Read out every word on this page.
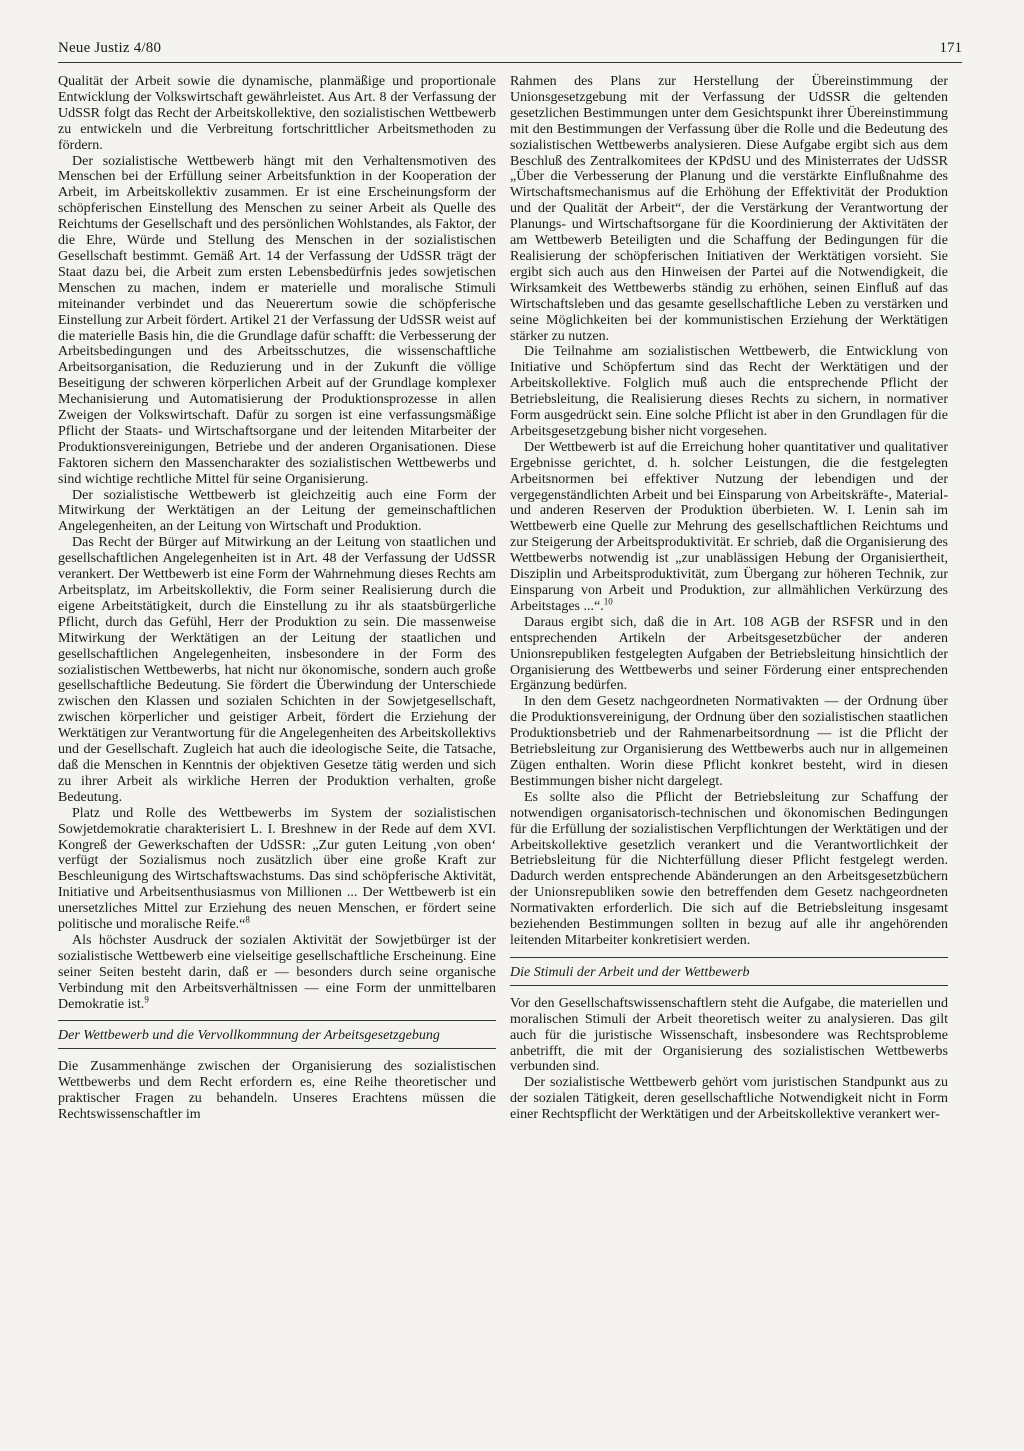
Neue Justiz 4/80	171

Qualität der Arbeit sowie die dynamische, planmäßige und proportionale Entwicklung der Volkswirtschaft gewährleistet. Aus Art. 8 der Verfassung der UdSSR folgt das Recht der Arbeitskollektive, den sozialistischen Wettbewerb zu entwickeln und die Verbreitung fortschrittlicher Arbeitsmethoden zu fördern.

Der sozialistische Wettbewerb hängt mit den Verhaltensmotiven des Menschen bei der Erfüllung seiner Arbeitsfunktion in der Kooperation der Arbeit, im Arbeitskollektiv zusammen. Er ist eine Erscheinungsform der schöpferischen Einstellung des Menschen zu seiner Arbeit als Quelle des Reichtums der Gesellschaft und des persönlichen Wohlstandes, als Faktor, der die Ehre, Würde und Stellung des Menschen in der sozialistischen Gesellschaft bestimmt. Gemäß Art. 14 der Verfassung der UdSSR trägt der Staat dazu bei, die Arbeit zum ersten Lebensbedürfnis jedes sowjetischen Menschen zu machen, indem er materielle und moralische Stimuli miteinander verbindet und das Neuerertum sowie die schöpferische Einstellung zur Arbeit fördert. Artikel 21 der Verfassung der UdSSR weist auf die materielle Basis hin, die die Grundlage dafür schafft: die Verbesserung der Arbeitsbedingungen und des Arbeitsschutzes, die wissenschaftliche Arbeitsorganisation, die Reduzierung und in der Zukunft die völlige Beseitigung der schweren körperlichen Arbeit auf der Grundlage komplexer Mechanisierung und Automatisierung der Produktionsprozesse in allen Zweigen der Volkswirtschaft. Dafür zu sorgen ist eine verfassungsmäßige Pflicht der Staats- und Wirtschaftsorgane und der leitenden Mitarbeiter der Produktionsvereinigungen, Betriebe und der anderen Organisationen. Diese Faktoren sichern den Massencharakter des sozialistischen Wettbewerbs und sind wichtige rechtliche Mittel für seine Organisierung.

Der sozialistische Wettbewerb ist gleichzeitig auch eine Form der Mitwirkung der Werktätigen an der Leitung der gemeinschaftlichen Angelegenheiten, an der Leitung von Wirtschaft und Produktion.

Das Recht der Bürger auf Mitwirkung an der Leitung von staatlichen und gesellschaftlichen Angelegenheiten ist in Art. 48 der Verfassung der UdSSR verankert. Der Wettbewerb ist eine Form der Wahrnehmung dieses Rechts am Arbeitsplatz, im Arbeitskollektiv, die Form seiner Realisierung durch die eigene Arbeitstätigkeit, durch die Einstellung zu ihr als staatsbürgerliche Pflicht, durch das Gefühl, Herr der Produktion zu sein. Die massenweise Mitwirkung der Werktätigen an der Leitung der staatlichen und gesellschaftlichen Angelegenheiten, insbesondere in der Form des sozialistischen Wettbewerbs, hat nicht nur ökonomische, sondern auch große gesellschaftliche Bedeutung. Sie fördert die Überwindung der Unterschiede zwischen den Klassen und sozialen Schichten in der Sowjetgesellschaft, zwischen körperlicher und geistiger Arbeit, fördert die Erziehung der Werktätigen zur Verantwortung für die Angelegenheiten des Arbeitskollektivs und der Gesellschaft. Zugleich hat auch die ideologische Seite, die Tatsache, daß die Menschen in Kenntnis der objektiven Gesetze tätig werden und sich zu ihrer Arbeit als wirkliche Herren der Produktion verhalten, große Bedeutung.

Platz und Rolle des Wettbewerbs im System der sozialistischen Sowjetdemokratie charakterisiert L. I. Breshnew in der Rede auf dem XVI. Kongreß der Gewerkschaften der UdSSR: „Zur guten Leitung ,von oben‘ verfügt der Sozialismus noch zusätzlich über eine große Kraft zur Beschleunigung des Wirtschaftswachstums. Das sind schöpferische Aktivität, Initiative und Arbeitsenthusiasmus von Millionen ... Der Wettbewerb ist ein unersetzliches Mittel zur Erziehung des neuen Menschen, er fördert seine politische und moralische Reife.“$^8$

Als höchster Ausdruck der sozialen Aktivität der Sowjetbürger ist der sozialistische Wettbewerb eine vielseitige gesellschaftliche Erscheinung. Eine seiner Seiten besteht darin, daß er — besonders durch seine organische Verbindung mit den Arbeitsverhältnissen — eine Form der unmittelbaren Demokratie ist.$^9$

Der Wettbewerb und die Vervollkommnung der Arbeitsgesetzgebung

Die Zusammenhänge zwischen der Organisierung des sozialistischen Wettbewerbs und dem Recht erfordern es, eine Reihe theoretischer und praktischer Fragen zu behandeln. Unseres Erachtens müssen die Rechtswissenschaftler im

Rahmen des Plans zur Herstellung der Übereinstimmung der Unionsgesetzgebung mit der Verfassung der UdSSR die geltenden gesetzlichen Bestimmungen unter dem Gesichtspunkt ihrer Übereinstimmung mit den Bestimmungen der Verfassung über die Rolle und die Bedeutung des sozialistischen Wettbewerbs analysieren. Diese Aufgabe ergibt sich aus dem Beschluß des Zentralkomitees der KPdSU und des Ministerrates der UdSSR „Über die Verbesserung der Planung und die verstärkte Einflußnahme des Wirtschaftsmechanismus auf die Erhöhung der Effektivität der Produktion und der Qualität der Arbeit“, der die Verstärkung der Verantwortung der Planungs- und Wirtschaftsorgane für die Koordinierung der Aktivitäten der am Wettbewerb Beteiligten und die Schaffung der Bedingungen für die Realisierung der schöpferischen Initiativen der Werktätigen vorsieht. Sie ergibt sich auch aus den Hinweisen der Partei auf die Notwendigkeit, die Wirksamkeit des Wettbewerbs ständig zu erhöhen, seinen Einfluß auf das Wirtschaftsleben und das gesamte gesellschaftliche Leben zu verstärken und seine Möglichkeiten bei der kommunistischen Erziehung der Werktätigen stärker zu nutzen.

Die Teilnahme am sozialistischen Wettbewerb, die Entwicklung von Initiative und Schöpfertum sind das Recht der Werktätigen und der Arbeitskollektive. Folglich muß auch die entsprechende Pflicht der Betriebsleitung, die Realisierung dieses Rechts zu sichern, in normativer Form ausgedrückt sein. Eine solche Pflicht ist aber in den Grundlagen für die Arbeitsgesetzgebung bisher nicht vorgesehen.

Der Wettbewerb ist auf die Erreichung hoher quantitativer und qualitativer Ergebnisse gerichtet, d. h. solcher Leistungen, die die festgelegten Arbeitsnormen bei effektiver Nutzung der lebendigen und der vergegenständlichten Arbeit und bei Einsparung von Arbeitskräfte-, Material- und anderen Reserven der Produktion überbieten. W. I. Lenin sah im Wettbewerb eine Quelle zur Mehrung des gesellschaftlichen Reichtums und zur Steigerung der Arbeitsproduktivität. Er schrieb, daß die Organisierung des Wettbewerbs notwendig ist „zur unablässigen Hebung der Organisiertheit, Disziplin und Arbeitsproduktivität, zum Übergang zur höheren Technik, zur Einsparung von Arbeit und Produktion, zur allmählichen Verkürzung des Arbeitstages ...“.$^{10}$

Daraus ergibt sich, daß die in Art. 108 AGB der RSFSR und in den entsprechenden Artikeln der Arbeitsgesetzbücher der anderen Unionsrepubliken festgelegten Aufgaben der Betriebsleitung hinsichtlich der Organisierung des Wettbewerbs und seiner Förderung einer entsprechenden Ergänzung bedürfen.

In den dem Gesetz nachgeordneten Normativakten — der Ordnung über die Produktionsvereinigung, der Ordnung über den sozialistischen staatlichen Produktionsbetrieb und der Rahmenarbeitsordnung — ist die Pflicht der Betriebsleitung zur Organisierung des Wettbewerbs auch nur in allgemeinen Zügen enthalten. Worin diese Pflicht konkret besteht, wird in diesen Bestimmungen bisher nicht dargelegt.

Es sollte also die Pflicht der Betriebsleitung zur Schaffung der notwendigen organisatorisch-technischen und ökonomischen Bedingungen für die Erfüllung der sozialistischen Verpflichtungen der Werktätigen und der Arbeitskollektive gesetzlich verankert und die Verantwortlichkeit der Betriebsleitung für die Nichterfüllung dieser Pflicht festgelegt werden. Dadurch werden entsprechende Abänderungen an den Arbeitsgesetzbüchern der Unionsrepubliken sowie den betreffenden dem Gesetz nachgeordneten Normativakten erforderlich. Die sich auf die Betriebsleitung insgesamt beziehenden Bestimmungen sollten in bezug auf alle ihr angehörenden leitenden Mitarbeiter konkretisiert werden.

Die Stimuli der Arbeit und der Wettbewerb

Vor den Gesellschaftswissenschaftlern steht die Aufgabe, die materiellen und moralischen Stimuli der Arbeit theoretisch weiter zu analysieren. Das gilt auch für die juristische Wissenschaft, insbesondere was Rechtsprobleme anbetrifft, die mit der Organisierung des sozialistischen Wettbewerbs verbunden sind.

Der sozialistische Wettbewerb gehört vom juristischen Standpunkt aus zu der sozialen Tätigkeit, deren gesellschaftliche Notwendigkeit nicht in Form einer Rechtspflicht der Werktätigen und der Arbeitskollektive verankert wer-
